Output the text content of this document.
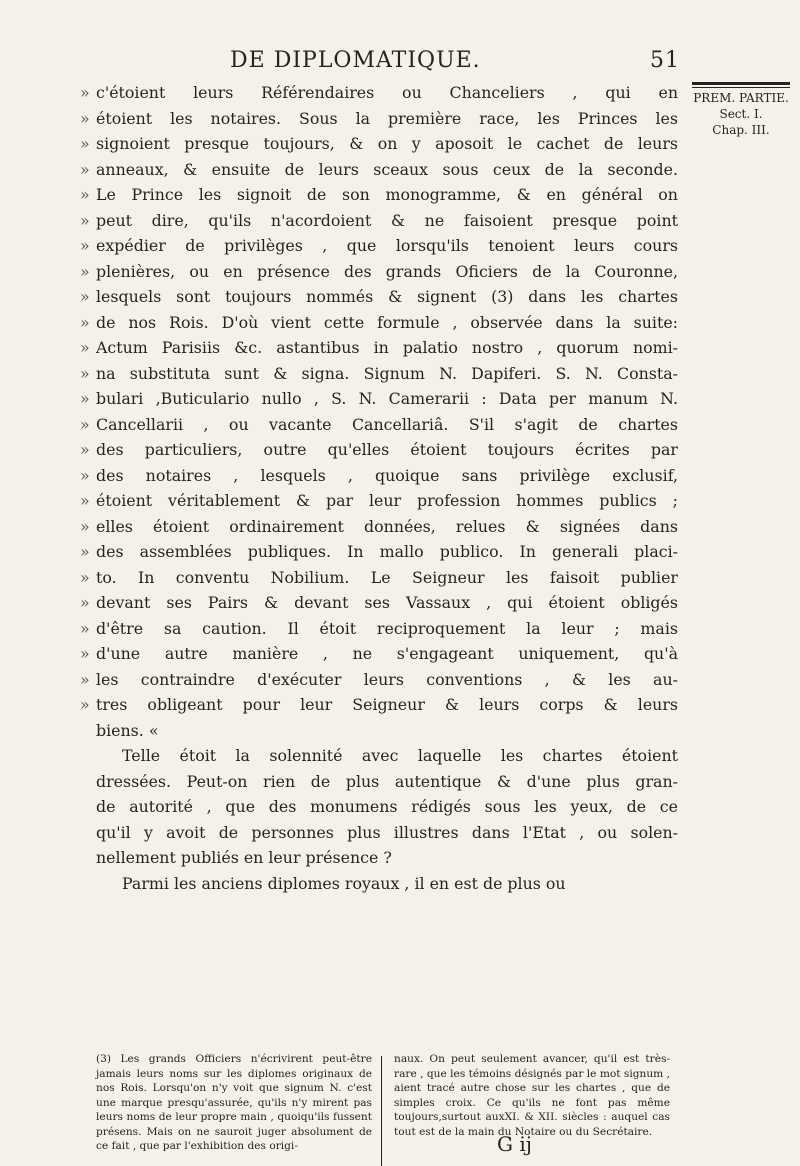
DE DIPLOMATIQUE.	51
PREM. PARTIE.
Sect. I.
Chap. III.
» c'étoient leurs Référendaires ou Chanceliers , qui en
» étoient les notaires. Sous la première race, les Princes les
» signoient presque toujours, & on y aposoit le cachet de leurs
» anneaux, & ensuite de leurs sceaux sous ceux de la seconde.
» Le Prince les signoit de son monogramme, & en général on
» peut dire, qu'ils n'acordoient & ne faisoient presque point
» expédier de privilèges , que lorsqu'ils tenoient leurs cours
» plenières, ou en présence des grands Oficiers de la Couronne,
» lesquels sont toujours nommés & signent (3) dans les chartes
» de nos Rois. D'où vient cette formule , observée dans la suite:
» Actum Parisiis &c. astantibus in palatio nostro , quorum nomi-
» na substituta sunt & signa. Signum N. Dapiferi. S. N. Consta-
» bulari ,Buticulario nullo , S. N. Camerarii : Data per manum N.
» Cancellarii , ou vacante Cancellariâ. S'il s'agit de chartes
» des particuliers, outre qu'elles étoient toujours écrites par
» des notaires , lesquels , quoique sans privilège exclusif,
» étoient véritablement & par leur profession hommes publics ;
» elles étoient ordinairement données, relues & signées dans
» des assemblées publiques. In mallo publico. In generali placi-
» to. In conventu Nobilium. Le Seigneur les faisoit publier
» devant ses Pairs & devant ses Vassaux , qui étoient obligés
» d'être sa caution. Il étoit reciproquement la leur ; mais
» d'une autre manière , ne s'engageant uniquement, qu'à
» les contraindre d'exécuter leurs conventions , & les au-
» tres obligeant pour leur Seigneur & leurs corps & leurs
biens. «
Telle étoit la solennité avec laquelle les chartes étoient
dressées. Peut-on rien de plus autentique & d'une plus gran-
de autorité , que des monumens rédigés sous les yeux, de ce
qu'il y avoit de personnes plus illustres dans l'Etat , ou solen-
nellement publiés en leur présence ?
Parmi les anciens diplomes royaux , il en est de plus ou
(3) Les grands Officiers n'écrivirent peut-être jamais leurs noms sur les diplomes originaux de nos Rois. Lorsqu'on n'y voit que signum N. c'est une marque presqu'assurée, qu'ils n'y mirent pas leurs noms de leur propre main , quoiqu'ils fussent présens. Mais on ne sauroit juger absolument de ce fait , que par l'exhibition des origi-
naux. On peut seulement avancer, qu'il est très-rare , que les témoins désignés par le mot signum , aient tracé autre chose sur les chartes , que de simples croix. Ce qu'ils ne font pas même toujours,surtout auxXI. & XII. siècles : auquel cas tout est de la main du Notaire ou du Secrétaire.
G ij
